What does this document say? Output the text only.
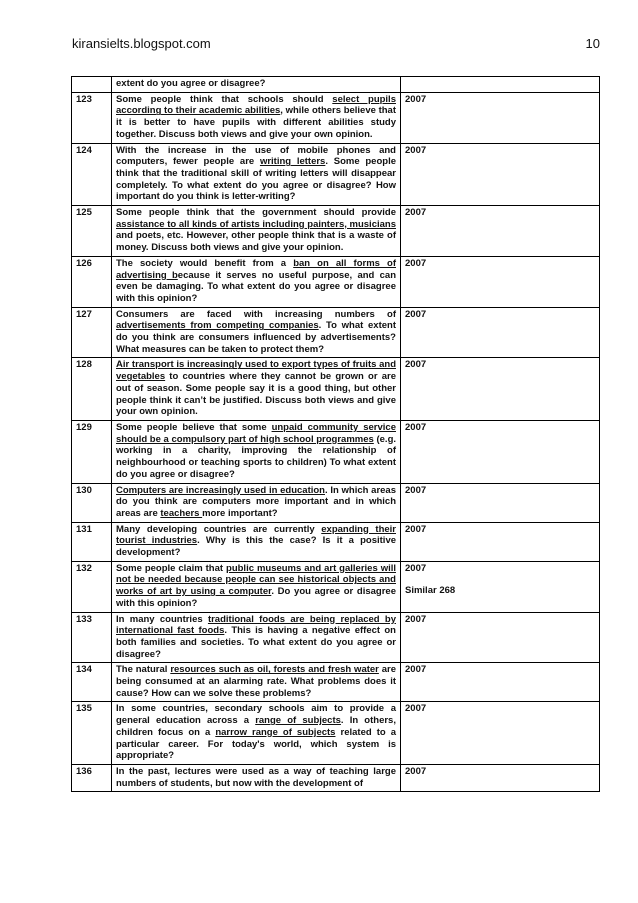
kiransielts.blogspot.com	10
	extent do you agree or disagree?	
123	Some people think that schools should select pupils according to their academic abilities, while others believe that it is better to have pupils with different abilities study together. Discuss both views and give your own opinion.	2007
124	With the increase in the use of mobile phones and computers, fewer people are writing letters. Some people think that the traditional skill of writing letters will disappear completely. To what extent do you agree or disagree? How important do you think is letter-writing?	2007
125	Some people think that the government should provide assistance to all kinds of artists including painters, musicians and poets, etc. However, other people think that is a waste of money. Discuss both views and give your opinion.	2007
126	The society would benefit from a ban on all forms of advertising because it serves no useful purpose, and can even be damaging. To what extent do you agree or disagree with this opinion?	2007
127	Consumers are faced with increasing numbers of advertisements from competing companies. To what extent do you think are consumers influenced by advertisements? What measures can be taken to protect them?	2007
128	Air transport is increasingly used to export types of fruits and vegetables to countries where they cannot be grown or are out of season. Some people say it is a good thing, but other people think it can’t be justified. Discuss both views and give your own opinion.	2007
129	Some people believe that some unpaid community service should be a compulsory part of high school programmes (e.g. working in a charity, improving the relationship of neighbourhood or teaching sports to children) To what extent do you agree or disagree?	2007
130	Computers are increasingly used in education. In which areas do you think are computers more important and in which areas are teachers more important?	2007
131	Many developing countries are currently expanding their tourist industries. Why is this the case? Is it a positive development?	2007
132	Some people claim that public museums and art galleries will not be needed because people can see historical objects and works of art by using a computer. Do you agree or disagree with this opinion?	2007
Similar 268

133	In many countries traditional foods are being replaced by international fast foods. This is having a negative effect on both families and societies. To what extent do you agree or disagree?	2007
134	The natural resources such as oil, forests and fresh water are being consumed at an alarming rate. What problems does it cause? How can we solve these problems?	2007
135	In some countries, secondary schools aim to provide a general education across a range of subjects. In others, children focus on a narrow range of subjects related to a particular career. For today's world, which system is appropriate?	2007
136	In the past, lectures were used as a way of teaching large numbers of students, but now with the development of	2007
